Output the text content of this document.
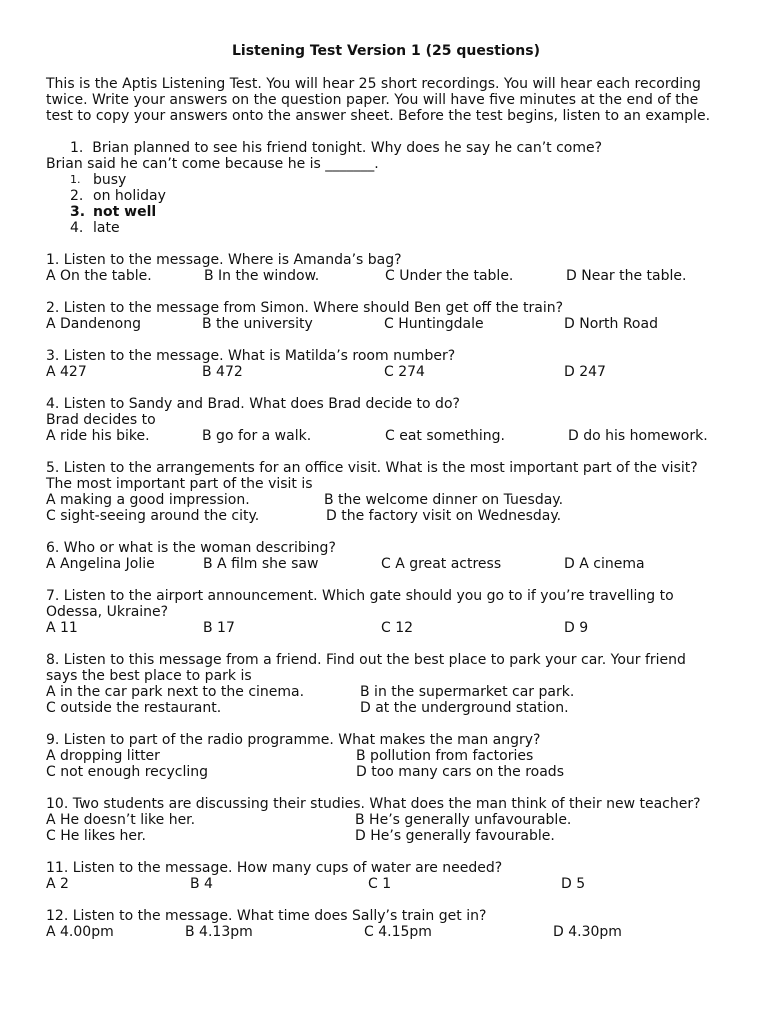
Listening Test Version 1 (25 questions)
This is the Aptis Listening Test. You will hear 25 short recordings. You will hear each recording twice. Write your answers on the question paper. You will have five minutes at the end of the test to copy your answers onto the answer sheet. Before the test begins, listen to an example.
1. Brian planned to see his friend tonight. Why does he say he can’t come?
Brian said he can’t come because he is _______.
1. busy
2. on holiday
3. not well
4. late
1. Listen to the message. Where is Amanda’s bag?
A On the table.	B In the window.	C Under the table.	D Near the table.
2. Listen to the message from Simon. Where should Ben get off the train?
A Dandenong	B the university	C Huntingdale	D North Road
3. Listen to the message. What is Matilda’s room number?
A 427	B 472	C 274	D 247
4. Listen to Sandy and Brad. What does Brad decide to do?
Brad decides to
A ride his bike.	B go for a walk.	C eat something.	D do his homework.
5. Listen to the arrangements for an office visit. What is the most important part of the visit?
The most important part of the visit is
A making a good impression.	B the welcome dinner on Tuesday.
C sight-seeing around the city.	D the factory visit on Wednesday.
6. Who or what is the woman describing?
A Angelina Jolie	B A film she saw	C A great actress	D A cinema
7. Listen to the airport announcement. Which gate should you go to if you’re travelling to
Odessa, Ukraine?
A 11	B 17	C 12	D 9
8. Listen to this message from a friend. Find out the best place to park your car. Your friend
says the best place to park is
A in the car park next to the cinema.	B in the supermarket car park.
C outside the restaurant.	D at the underground station.
9. Listen to part of the radio programme. What makes the man angry?
A dropping litter	B pollution from factories
C not enough recycling	D too many cars on the roads
10. Two students are discussing their studies. What does the man think of their new teacher?
A He doesn’t like her.	B He’s generally unfavourable.
C He likes her.	D He’s generally favourable.
11. Listen to the message. How many cups of water are needed?
A 2	B 4	C 1	D 5
12. Listen to the message. What time does Sally’s train get in?
A 4.00pm	B 4.13pm	C 4.15pm	D 4.30pm
